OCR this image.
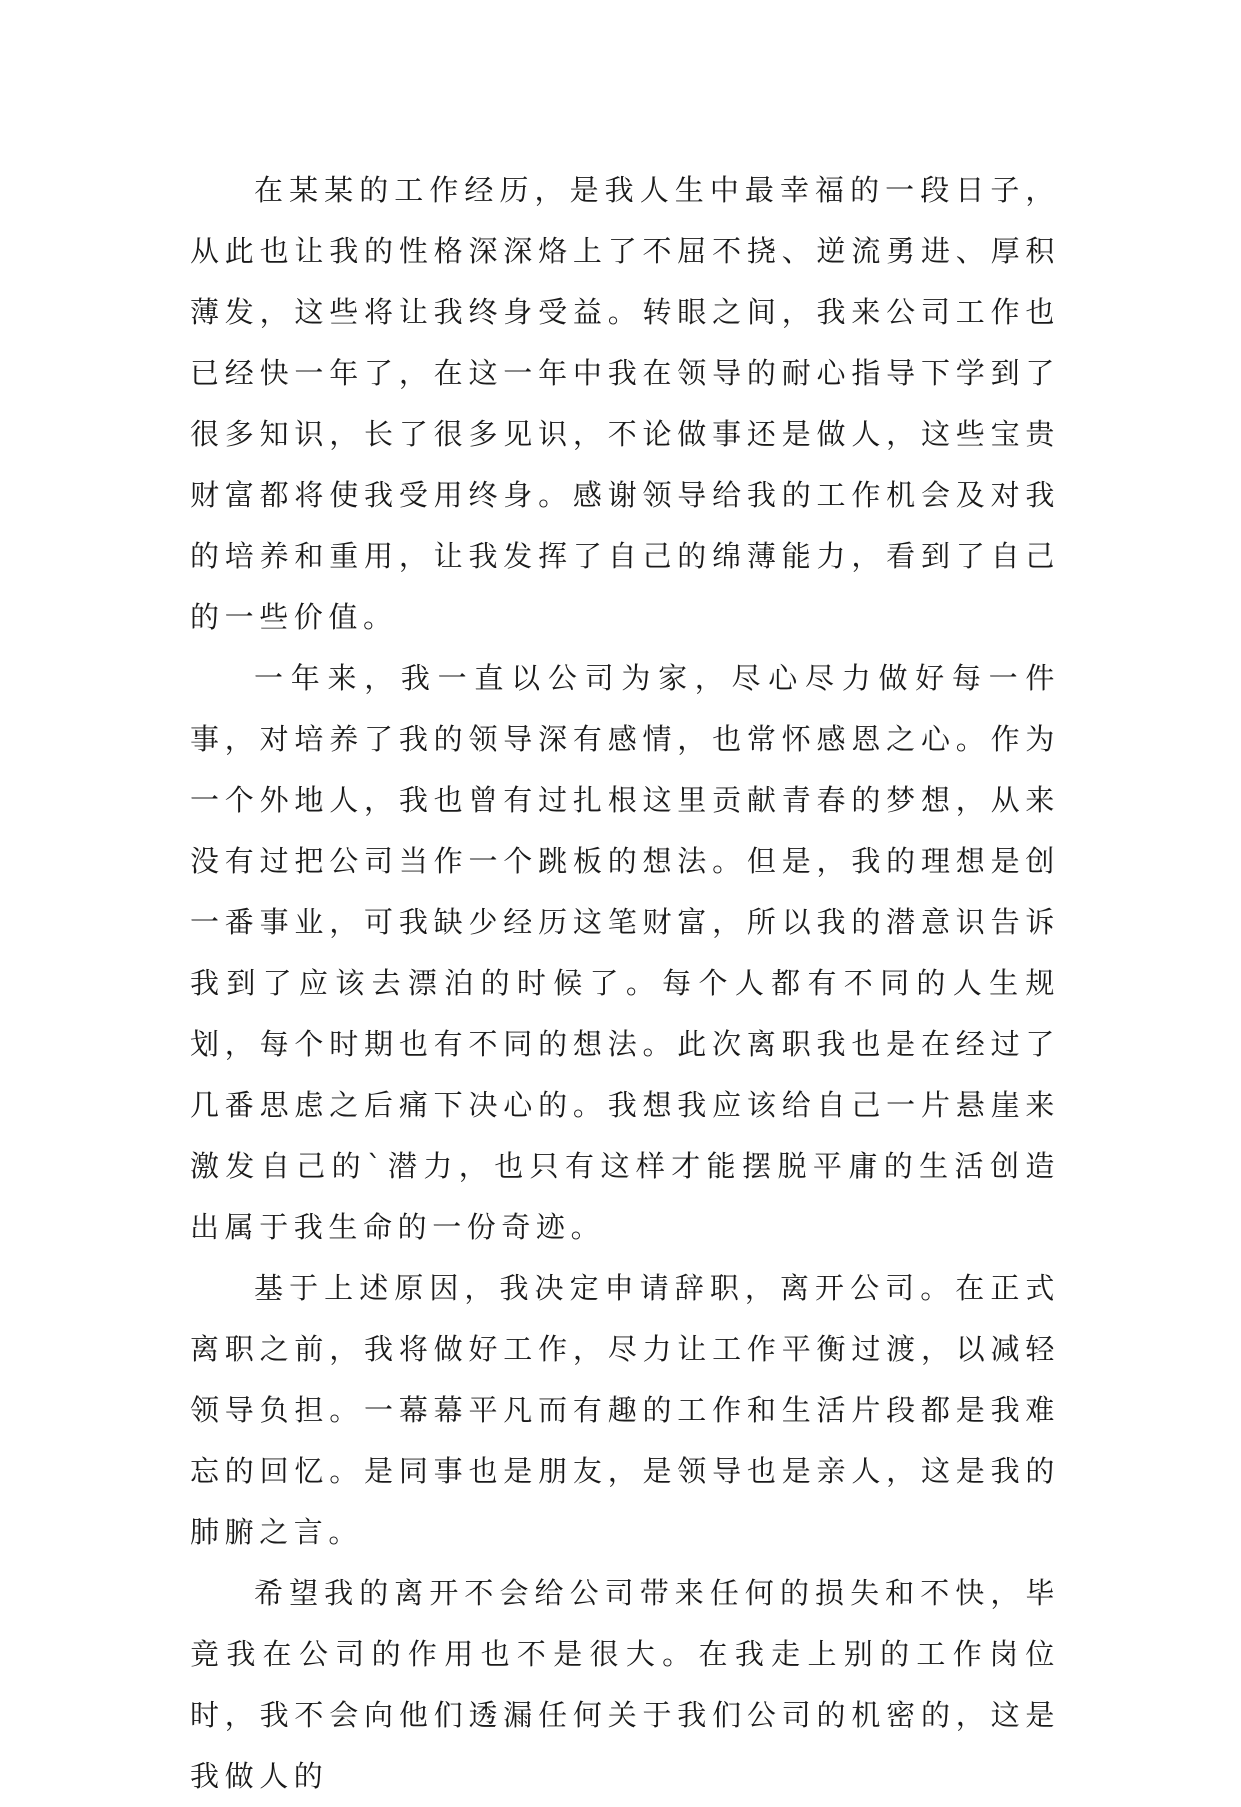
在某某的工作经历，是我人生中最幸福的一段日子，从此也让我的性格深深烙上了不屈不挠、逆流勇进、厚积薄发，这些将让我终身受益。转眼之间，我来公司工作也已经快一年了，在这一年中我在领导的耐心指导下学到了很多知识，长了很多见识，不论做事还是做人，这些宝贵财富都将使我受用终身。感谢领导给我的工作机会及对我的培养和重用，让我发挥了自己的绵薄能力，看到了自己的一些价值。

一年来，我一直以公司为家，尽心尽力做好每一件事，对培养了我的领导深有感情，也常怀感恩之心。作为一个外地人，我也曾有过扎根这里贡献青春的梦想，从来没有过把公司当作一个跳板的想法。但是，我的理想是创一番事业，可我缺少经历这笔财富，所以我的潜意识告诉我到了应该去漂泊的时候了。每个人都有不同的人生规划，每个时期也有不同的想法。此次离职我也是在经过了几番思虑之后痛下决心的。我想我应该给自己一片悬崖来激发自己的`潜力，也只有这样才能摆脱平庸的生活创造出属于我生命的一份奇迹。

基于上述原因，我决定申请辞职，离开公司。在正式离职之前，我将做好工作，尽力让工作平衡过渡，以减轻领导负担。一幕幕平凡而有趣的工作和生活片段都是我难忘的回忆。是同事也是朋友，是领导也是亲人，这是我的肺腑之言。

希望我的离开不会给公司带来任何的损失和不快，毕竟我在公司的作用也不是很大。在我走上别的工作岗位时，我不会向他们透漏任何关于我们公司的机密的，这是我做人的
